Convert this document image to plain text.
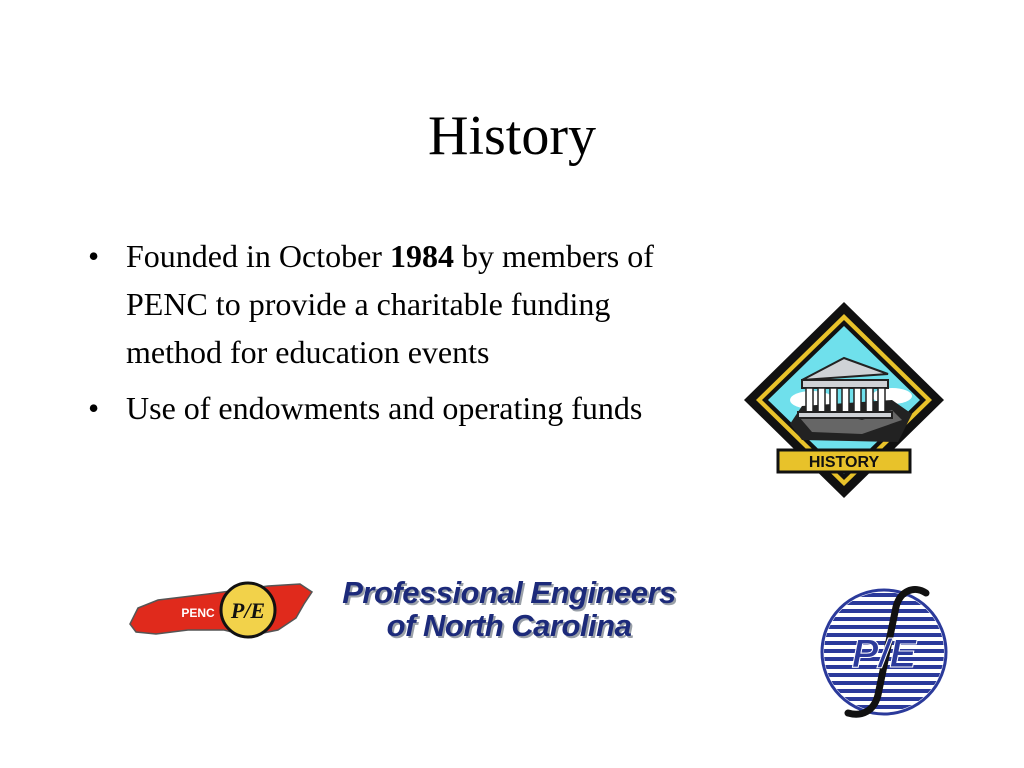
History
• Founded in October 1984 by members of PENC to provide a charitable funding method for education events
• Use of endowments and operating funds
HISTORY
PENC P/E
Professional Engineers
of North Carolina
P/E
